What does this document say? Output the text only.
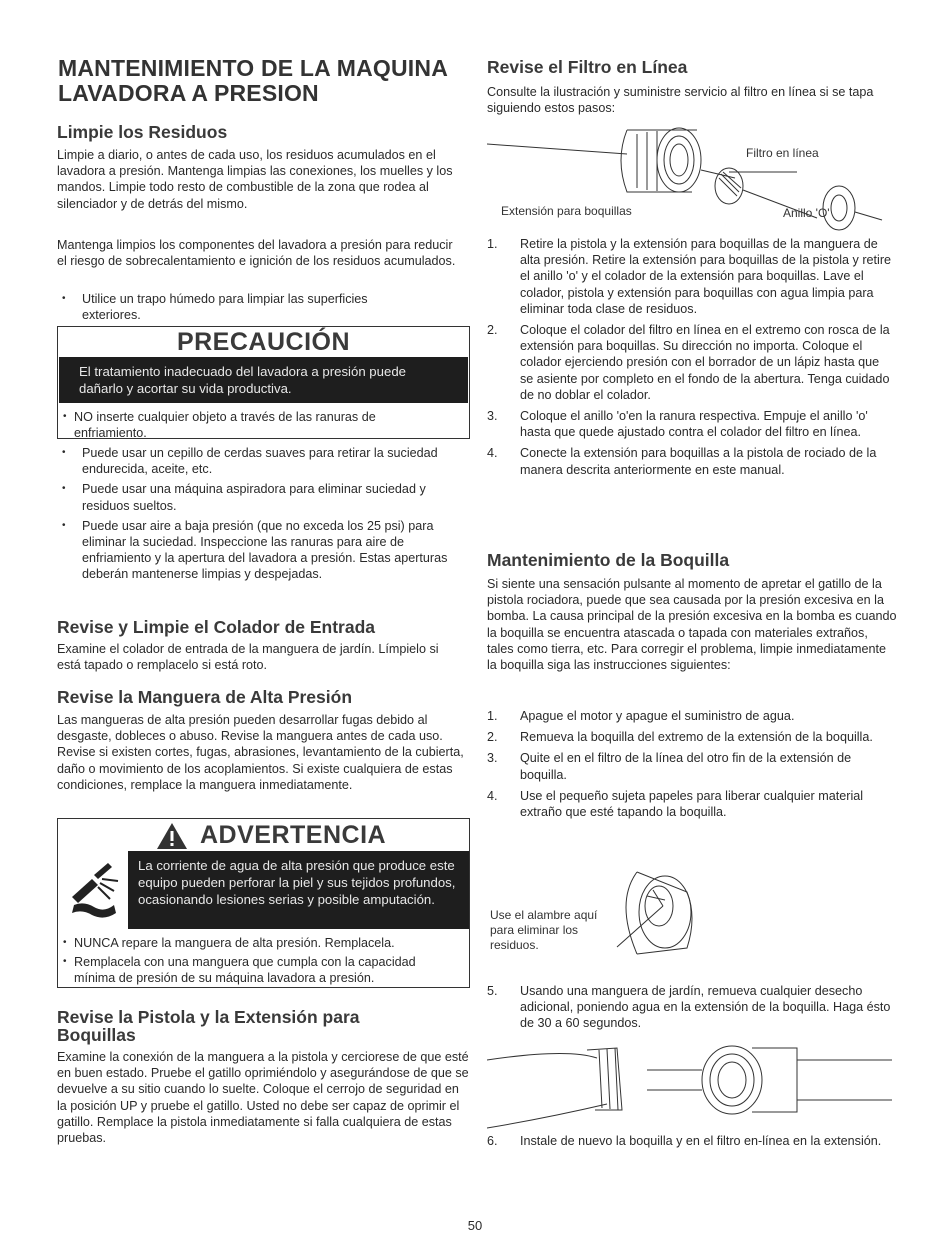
MANTENIMIENTO DE LA MAQUINA LAVADORA A PRESION
Limpie los Residuos

Limpie a diario, o antes de cada uso, los residuos acumulados en el lavadora a presión. Mantenga limpias las conexiones, los muelles y los mandos. Limpie todo resto de combustible de la zona que rodea al silenciador y de detrás del mismo.

Mantenga limpios los componentes del lavadora a presión para reducir el riesgo de sobrecalentamiento e ignición de los residuos acumulados.

• Utilice un trapo húmedo para limpiar las superficies exteriores.
PRECAUCIÓN
El tratamiento inadecuado del lavadora a presión puede dañarlo y acortar su vida productiva.
• NO inserte cualquier objeto a través de las ranuras de enfriamiento.
• Puede usar un cepillo de cerdas suaves para retirar la suciedad endurecida, aceite, etc.
• Puede usar una máquina aspiradora para eliminar suciedad y residuos sueltos.
• Puede usar aire a baja presión (que no exceda los 25 psi) para eliminar la suciedad. Inspeccione las ranuras para aire de enfriamiento y la apertura del lavadora a presión. Estas aperturas deberán mantenerse limpias y despejadas.
Revise y Limpie el Colador de Entrada

Examine el colador de entrada de la manguera de jardín. Límpielo si está tapado o remplacelo si está roto.

Revise la Manguera de Alta Presión

Las mangueras de alta presión pueden desarrollar fugas debido al desgaste, dobleces o abuso. Revise la manguera antes de cada uso. Revise si existen cortes, fugas, abrasiones, levantamiento de la cubierta, daño o movimiento de los acoplamientos. Si existe cualquiera de estas condiciones, remplace la manguera inmediatamente.

ADVERTENCIA
La corriente de agua de alta presión que produce este equipo pueden perforar la piel y sus tejidos profundos, ocasionando lesiones serias y posible amputación.
• NUNCA repare la manguera de alta presión. Remplacela.
• Remplacela con una manguera que cumpla con la capacidad mínima de presión de su máquina lavadora a presión.
Revise la Pistola y la Extensión para Boquillas

Examine la conexión de la manguera a la pistola y cerciorese de que esté en buen estado. Pruebe el gatillo oprimiéndolo y asegurándose de que se devuelve a su sitio cuando lo suelte. Coloque el cerrojo de seguridad en la posición UP y pruebe el gatillo. Usted no debe ser capaz de oprimir el gatillo. Remplace la pistola inmediatamente si falla cualquiera de estas pruebas.

Revise el Filtro en Línea

Consulte la ilustración y suministre servicio al filtro en línea si se tapa siguiendo estos pasos:

Filtro en línea
Extensión para boquillas	Anillo 'O'
1. Retire la pistola y la extensión para boquillas de la manguera de alta presión. Retire la extensión para boquillas de la pistola y retire el anillo 'o' y el colador de la extensión para boquillas. Lave el colador, pistola y extensión para boquillas con agua limpia para eliminar toda clase de residuos.
2. Coloque el colador del filtro en línea en el extremo con rosca de la extensión para boquillas. Su dirección no importa. Coloque el colador ejerciendo presión con el borrador de un lápiz hasta que se asiente por completo en el fondo de la abertura. Tenga cuidado de no doblar el colador.
3. Coloque el anillo 'o'en la ranura respectiva. Empuje el anillo 'o' hasta que quede ajustado contra el colador del filtro en línea.
4. Conecte la extensión para boquillas a la pistola de rociado de la manera descrita anteriormente en este manual.
Mantenimiento de la Boquilla

Si siente una sensación pulsante al momento de apretar el gatillo de la pistola rociadora, puede que sea causada por la presión excesiva en la bomba. La causa principal de la presión excesiva en la bomba es cuando la boquilla se encuentra atascada o tapada con materiales extraños, tales como tierra, etc. Para corregir el problema, limpie inmediatamente la boquilla siga las instrucciones siguientes:

1. Apague el motor y apague el suministro de agua.
2. Remueva la boquilla del extremo de la extensión de la boquilla.
3. Quite el en el filtro de la línea del otro fin de la extensión de boquilla.
4. Use el pequeño sujeta papeles para liberar cualquier material extraño que esté tapando la boquilla.
Use el alambre aquí para eliminar los residuos.
5. Usando una manguera de jardín, remueva cualquier desecho adicional, poniendo agua en la extensión de la boquilla. Haga ésto de 30 a 60 segundos.
6. Instale de nuevo la boquilla y en el filtro en-línea en la extensión.
50
